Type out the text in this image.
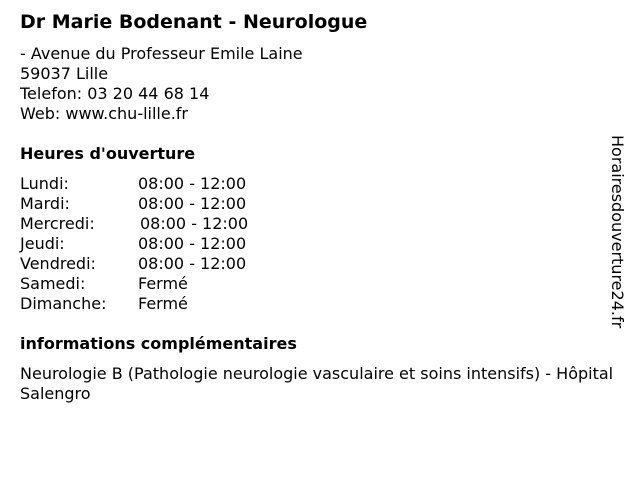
Dr Marie Bodenant - Neurologue
- Avenue du Professeur Emile Laine
59037 Lille
Telefon: 03 20 44 68 14
Web: www.chu-lille.fr
Heures d'ouverture
Lundi:	08:00 - 12:00
Mardi:	08:00 - 12:00
Mercredi:	08:00 - 12:00
Jeudi:	08:00 - 12:00
Vendredi:	08:00 - 12:00
Samedi:	Fermé
Dimanche:	Fermé
informations complémentaires
Neurologie B (Pathologie neurologie vasculaire et soins intensifs) - Hôpital Salengro
Horairesdouverture24.fr
